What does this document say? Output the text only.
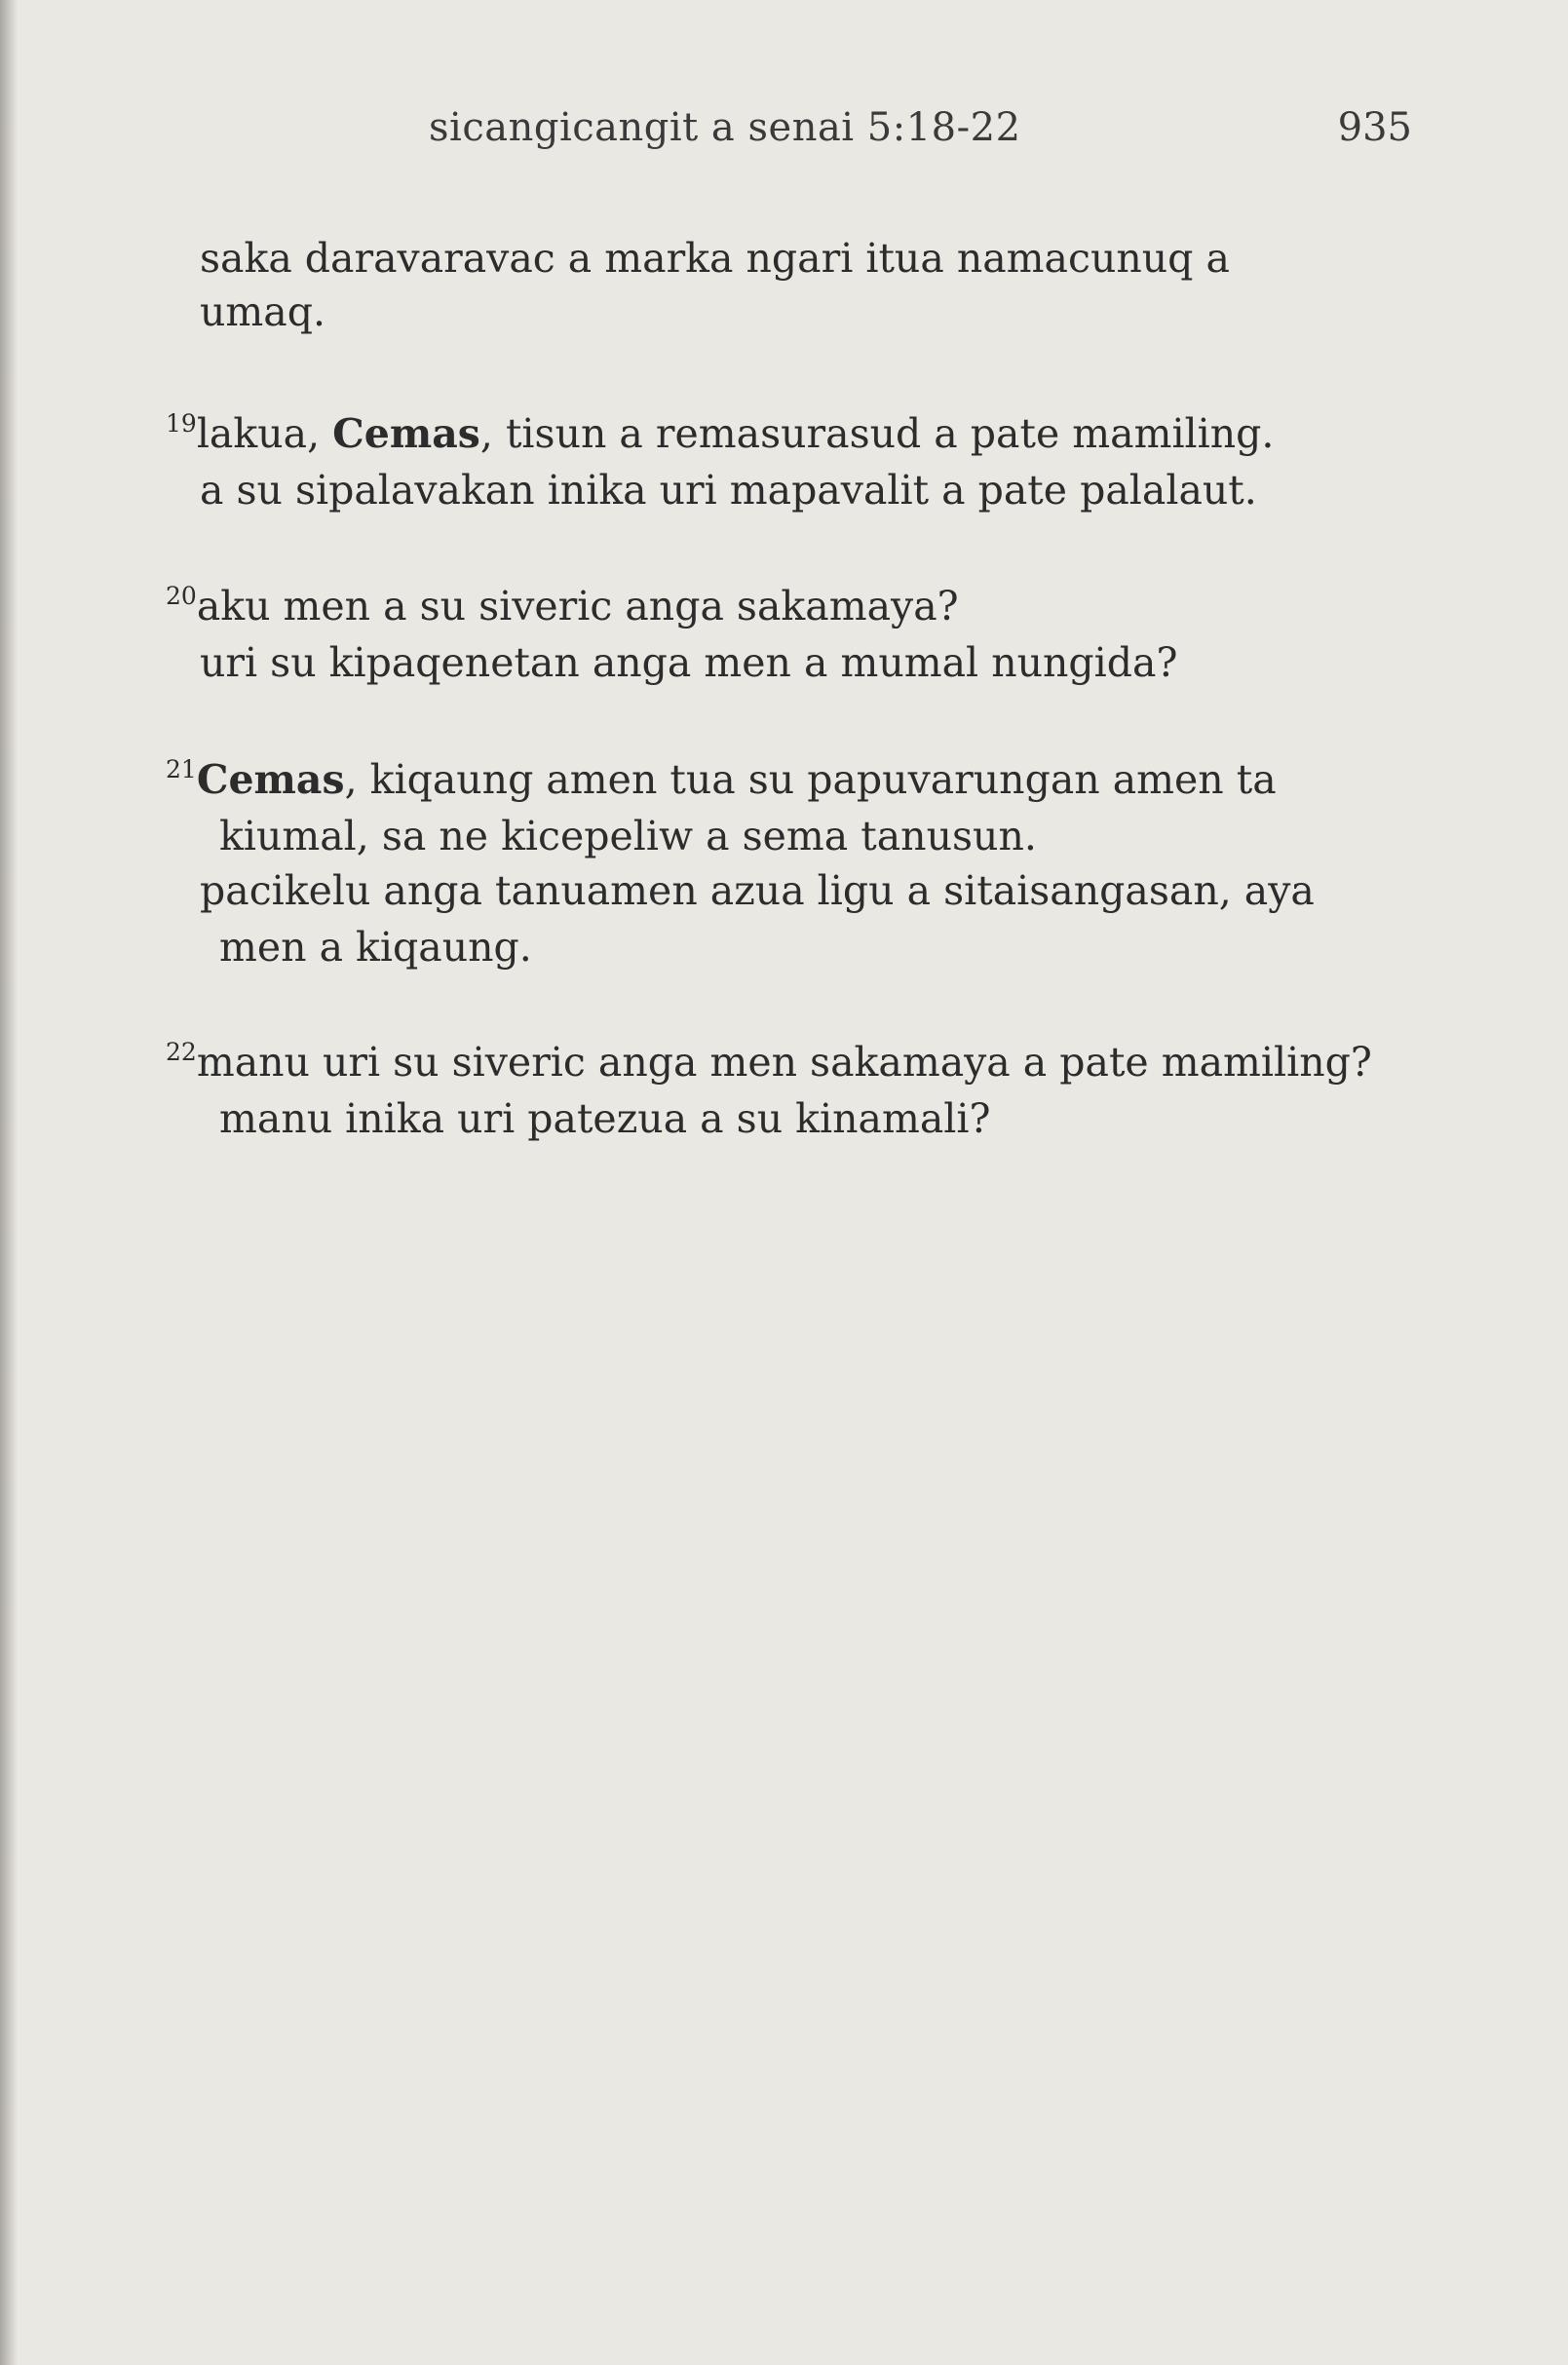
sicangicangit a senai 5:18-22	935
saka daravaravac a marka ngari itua namacunuq a
umaq.
$^{19}$lakua, Cemas, tisun a remasurasud a pate mamiling.
a su sipalavakan inika uri mapavalit a pate palalaut.
$^{20}$aku men a su siveric anga sakamaya?
uri su kipaqenetan anga men a mumal nungida?
$^{21}$Cemas, kiqaung amen tua su papuvarungan amen ta
kiumal, sa ne kicepeliw a sema tanusun.
pacikelu anga tanuamen azua ligu a sitaisangasan, aya
men a kiqaung.
$^{22}$manu uri su siveric anga men sakamaya a pate mamiling?
manu inika uri patezua a su kinamali?
